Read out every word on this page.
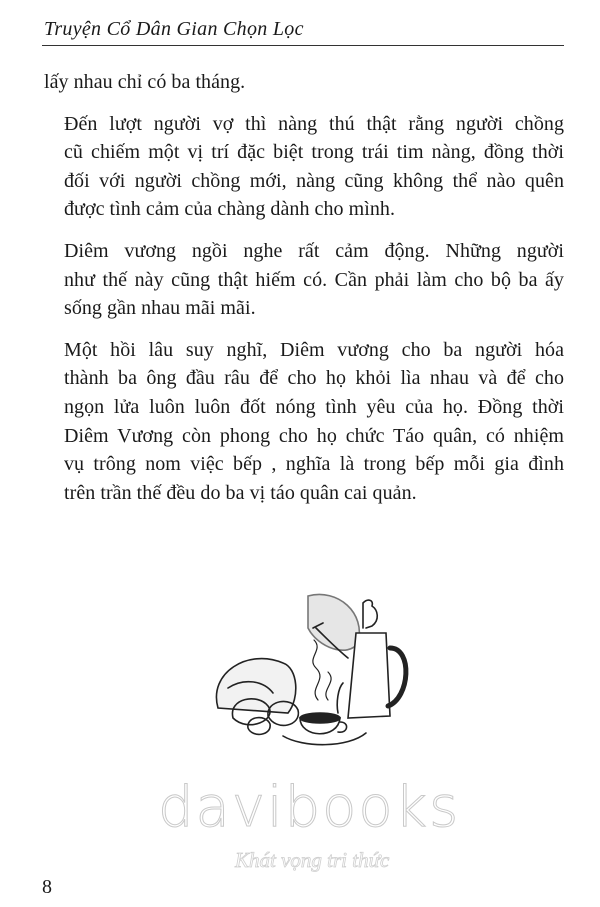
Truyện Cổ Dân Gian Chọn Lọc

lấy nhau chỉ có ba tháng.

Đến lượt người vợ thì nàng thú thật rằng người chồng
cũ chiếm một vị trí đặc biệt trong trái tim nàng, đồng thời
đối với người chồng mới, nàng cũng không thể nào quên
được tình cảm của chàng dành cho mình.

Diêm vương ngồi nghe rất cảm động. Những người
như thế này cũng thật hiếm có. Cần phải làm cho bộ ba ấy
sống gần nhau mãi mãi.

Một hồi lâu suy nghĩ, Diêm vương cho ba người hóa
thành ba ông đầu râu để cho họ khỏi lìa nhau và để cho
ngọn lửa luôn luôn đốt nóng tình yêu của họ. Đồng thời
Diêm Vương còn phong cho họ chức Táo quân, có nhiệm
vụ trông nom việc bếp , nghĩa là trong bếp mỗi gia đình
trên trần thế đều do ba vị táo quân cai quản.

davibooks
Khát vọng tri thức
8
